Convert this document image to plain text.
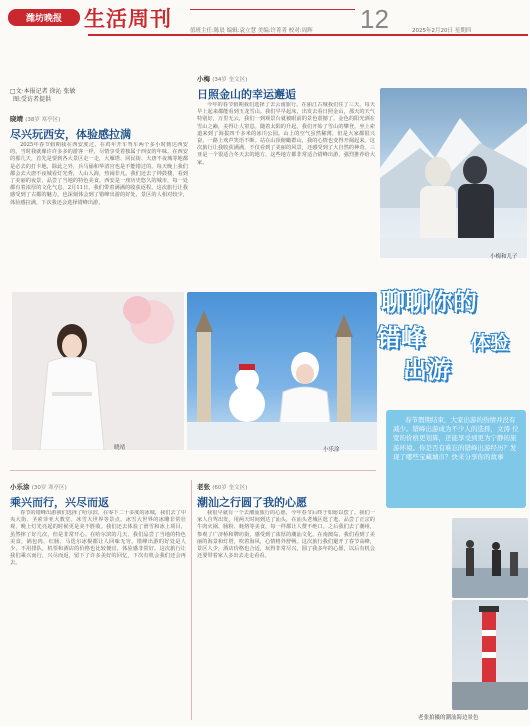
潍坊晚报	生活周刊	12
值班主任:陈晨 编辑:袁立慧 美编:许菁菁 校对:周辉	2025年2月20日 星期四
□文·本报记者 徐沁 张敏
图:受访者提供
晓靖 (38岁 寒亭区)
尽兴玩西安，体验感拉满
2025年春节假期我在西安度过。在鸡年开车驾车两个多小时到达西安的，当时我就像许许多多的游客一样，尽情享受着独属于西安的年味。在西安的那几天，首先是要到各大景区走一走，大雁塔、回民街、大唐不夜城等地都是必去的打卡地，除此之外，兵马俑和华清宫也是不能错过的。每天晚上我们都会去大唐不夜城看灯光秀，人山人海，热闹非凡。我们还去了钟鼓楼，看到了美丽的夜景，品尝了当地的特色美食。西安是一座历史悠久的城市，每一处都有着浓厚的文化气息。2月11日，我们带着满满的收获返程。这次旅行让我感受到了古都的魅力，也深刻体会到了错峰出游的好处，景区的人相对较少，体验感拉满，下次我还会选择错峰出游。
小梅 (34岁 奎文区)
日照金山的幸运邂逅
今年的春节假期我们选择了去云南旅行。在丽江古城我们住了三天，每天早上起来都能看到玉龙雪山。我们早早起床，出发去看日照金山，那天的天气特别好，万里无云，我们一到观景台就被眼前的景色震撼了，金色的阳光洒在雪山之巅，美得让人窒息。随着太阳的升起，我们开始了雪山的攀登，坐上索道来到了海拔四千多米的冰川公园。山上的空气虽然稀薄，但是大家都很兴奋，一路上欢声笑语不断。站在山顶俯瞰群山，我的心情也变得开阔起来。这次旅行让我收获满满，不仅看到了美丽的风景，还感受到了大自然的神奇。三亚是一个很适合冬天去的地方，这些地方都非常适合错峰出游，强烈推荐给大家。
小梅和儿子
晓靖	小乐涂
聊聊你的
错峰 体验
出游
春节假期结束，大家出游的热情并没有减少。错峰出游成为不少人的选择，文涛 位宽的价格更划算，还能享受到更为宁静的旅游环境。你是否有难忘的错峰出游经历？发现了哪些宝藏城市？快来分享你的故事
小乐涂 (30岁 寒亭区)
乘兴而行，兴尽而返
春节的错峰出游我们选择了哈尔滨，在零下二十多度的冰城，我们去了中央大街、圣索菲亚大教堂、冰雪大世界等景点。冰雪大世界的冰雕非常壮观，晚上灯光亮起的时候更是美不胜收。我们还去体验了滑雪和冰上项目，虽然摔了好几次，但是非常开心。在哈尔滨的几天，我们品尝了当地的特色美食，锅包肉、红肠、马迭尔冰棍都让人回味无穷。错峰出游的好处是人少，不用排队，机票和酒店的价格也比较便宜，体验感非常好。这次旅行让我们乘兴而行，兴尽而返，留下了许多美好的回忆，下次有机会我们还会再去。
老张 (60岁 奎文区)
潮汕之行圆了我的心愿
我很早就有一个去潮汕旅行的心愿，今年春节后终于如愿以偿了。我们一家人自驾出发，用两天时间到达了汕头，在汕头老城区逛了逛，品尝了正宗的牛肉火锅、肠粉、蚝烙等美食，每一样都让人赞不绝口。之后我们去了潮州，参观了广济桥和牌坊街，感受到了浓厚的潮汕文化。在南澳岛，我们看到了美丽的海景和灯塔，吹着海风，心情格外舒畅。这次旅行我们避开了春节高峰，景区人少，酒店价格也合适，玩得非常尽兴，圆了我多年的心愿，以后有机会还要带着家人多出去走走看看。
老张拍摄的潮汕海边景色
